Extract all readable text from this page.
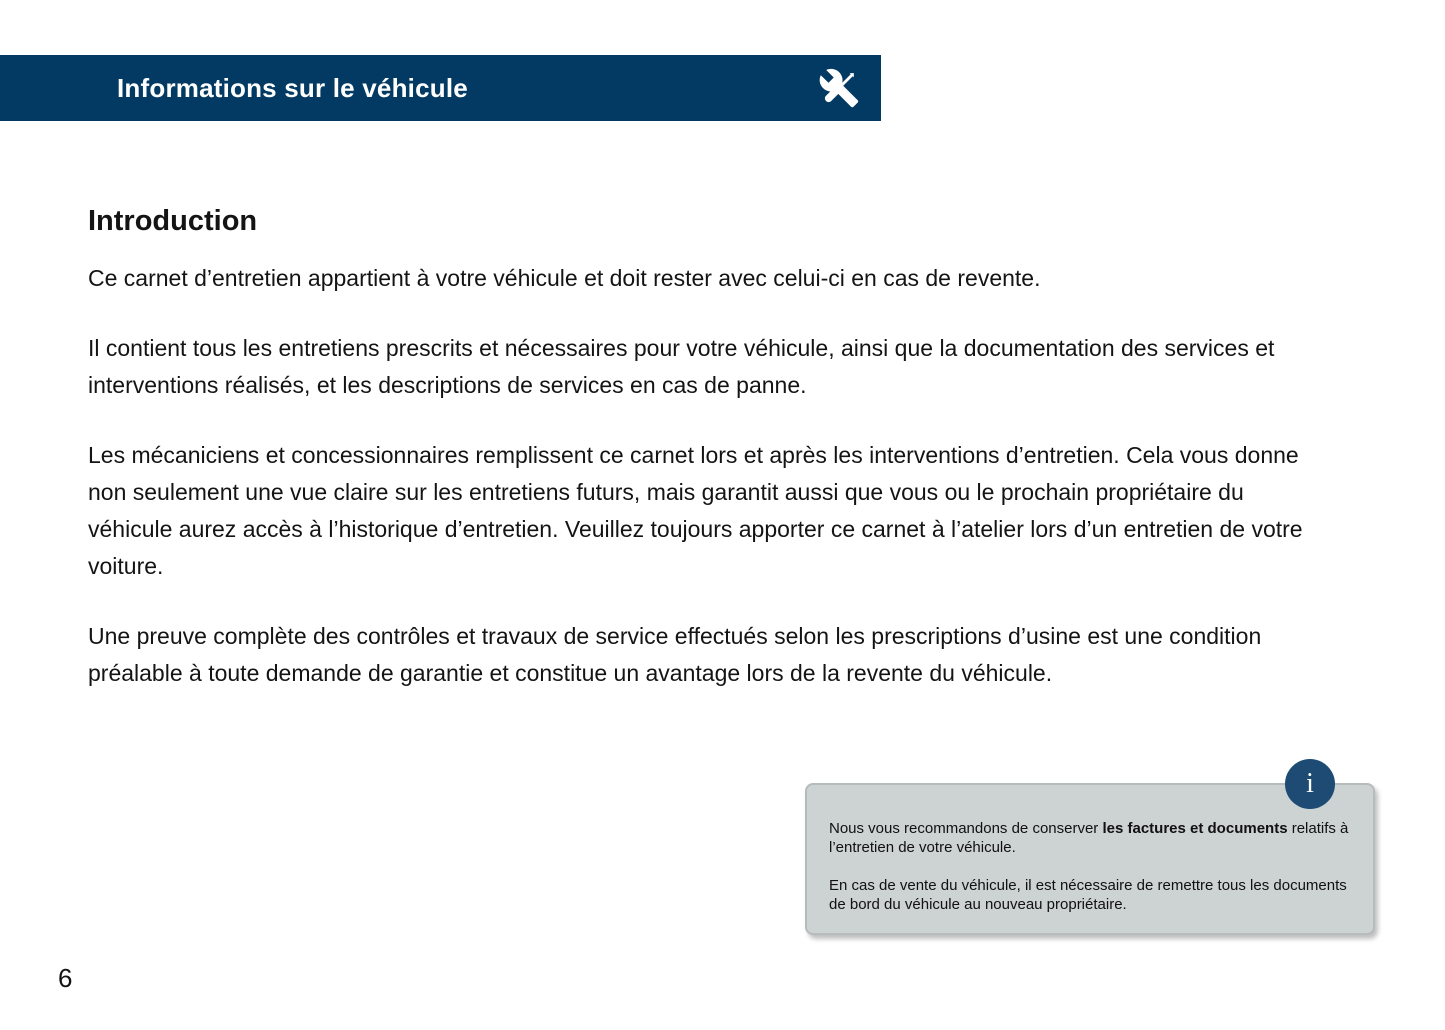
Informations sur le véhicule
Introduction

Ce carnet d’entretien appartient à votre véhicule et doit rester avec celui-ci en cas de revente.

Il contient tous les entretiens prescrits et nécessaires pour votre véhicule, ainsi que la documentation des services et interventions réalisés, et les descriptions de services en cas de panne.

Les mécaniciens et concessionnaires remplissent ce carnet lors et après les interventions d’entretien. Cela vous donne non seulement une vue claire sur les entretiens futurs, mais garantit aussi que vous ou le prochain propriétaire du véhicule aurez accès à l’historique d’entretien. Veuillez toujours apporter ce carnet à l’atelier lors d’un entretien de votre voiture.

Une preuve complète des contrôles et travaux de service effectués selon les prescriptions d’usine est une condition préalable à toute demande de garantie et constitue un avantage lors de la revente du véhicule.

i

Nous vous recommandons de conserver les factures et documents relatifs à l’entretien de votre véhicule.

En cas de vente du véhicule, il est nécessaire de remettre tous les documents de bord du véhicule au nouveau propriétaire.

6
